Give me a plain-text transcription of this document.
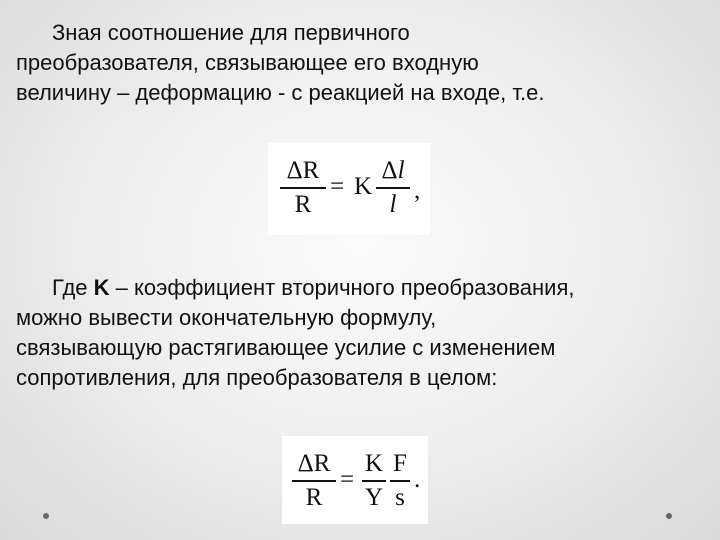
Зная соотношение для первичного
преобразователя, связывающее его входную
величину – деформацию - с реакцией на входе, т.е.
ΔR
R
= K
Δl
l
,
Где K – коэффициент вторичного преобразования,
можно вывести окончательную формулу,
связывающую растягивающее усилие с изменением
сопротивления, для преобразователя в целом:
ΔR
R
=
K
Y
F
s
.
